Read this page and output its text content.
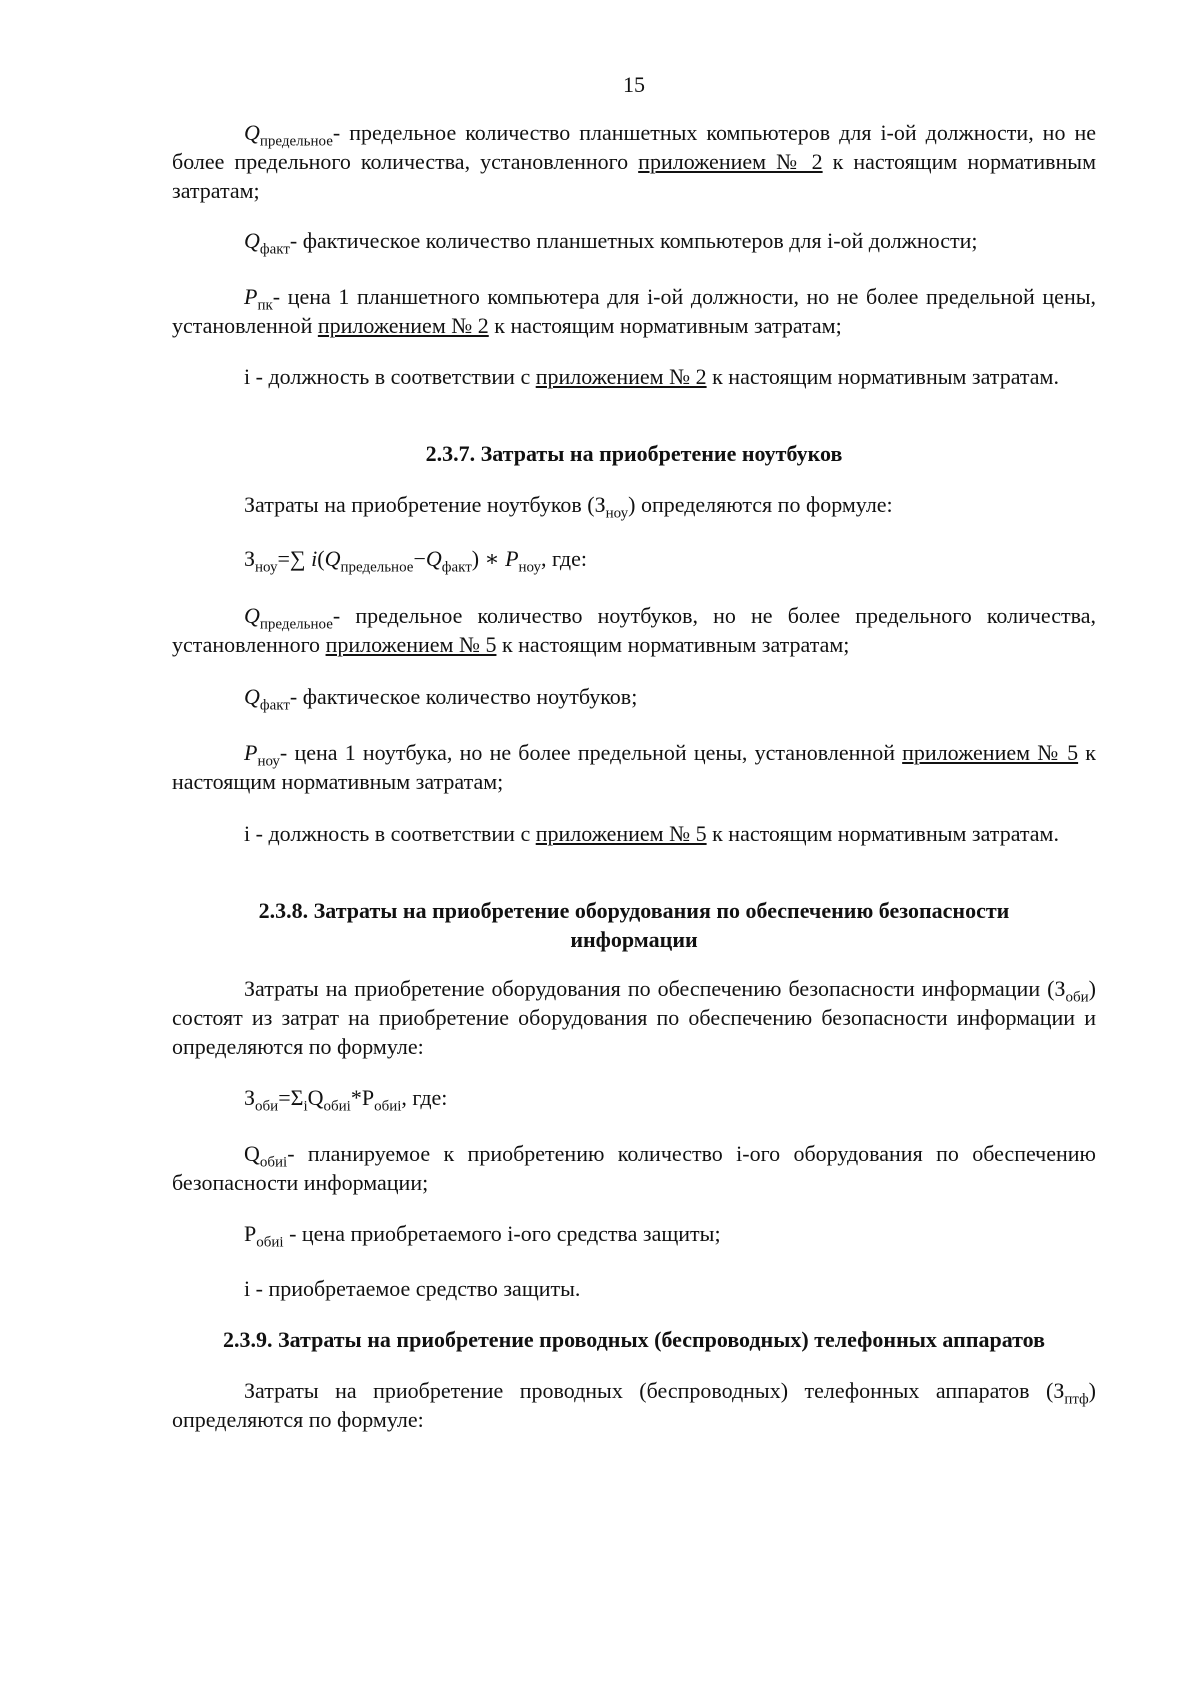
15
$Q_{предельное}-$ предельное количество планшетных компьютеров для i-ой должности, но не более предельного количества, установленного приложением № 2 к настоящим нормативным затратам;
$Q_{факт}-$ фактическое количество планшетных компьютеров для i-ой должности;
$P_{пк}-$ цена 1 планшетного компьютера для i-ой должности, но не более предельной цены, установленной приложением № 2 к настоящим нормативным затратам;
i - должность в соответствии с приложением № 2 к настоящим нормативным затратам.
2.3.7. Затраты на приобретение ноутбуков
Затраты на приобретение ноутбуков $(З_{ноу})$ определяются по формуле:
$З_{ноу}=\sum$ $i(Q_{предельное}-Q_{факт})$ ∗ $P_{ноу}$, где:
$Q_{предельное}-$ предельное количество ноутбуков, но не более предельного количества, установленного приложением № 5 к настоящим нормативным затратам;
$Q_{факт}-$ фактическое количество ноутбуков;
$P_{ноу}-$ цена 1 ноутбука, но не более предельной цены, установленной приложением № 5 к настоящим нормативным затратам;
i - должность в соответствии с приложением № 5 к настоящим нормативным затратам.
2.3.8. Затраты на приобретение оборудования по обеспечению безопасности
информации
Затраты на приобретение оборудования по обеспечению безопасности информации $(З_{оби})$ состоят из затрат на приобретение оборудования по обеспечению безопасности информации и определяются по формуле:
$З_{оби}=\Sigma_iQ_{обиi}*P_{обиi}$, где:
$Q_{обиi}-$ планируемое к приобретению количество i-ого оборудования по обеспечению безопасности информации;
$P_{обиi}$ - цена приобретаемого i-ого средства защиты;
i - приобретаемое средство защиты.
2.3.9. Затраты на приобретение проводных (беспроводных) телефонных аппаратов
Затраты на приобретение проводных (беспроводных) телефонных аппаратов $(З_{птф})$ определяются по формуле:
